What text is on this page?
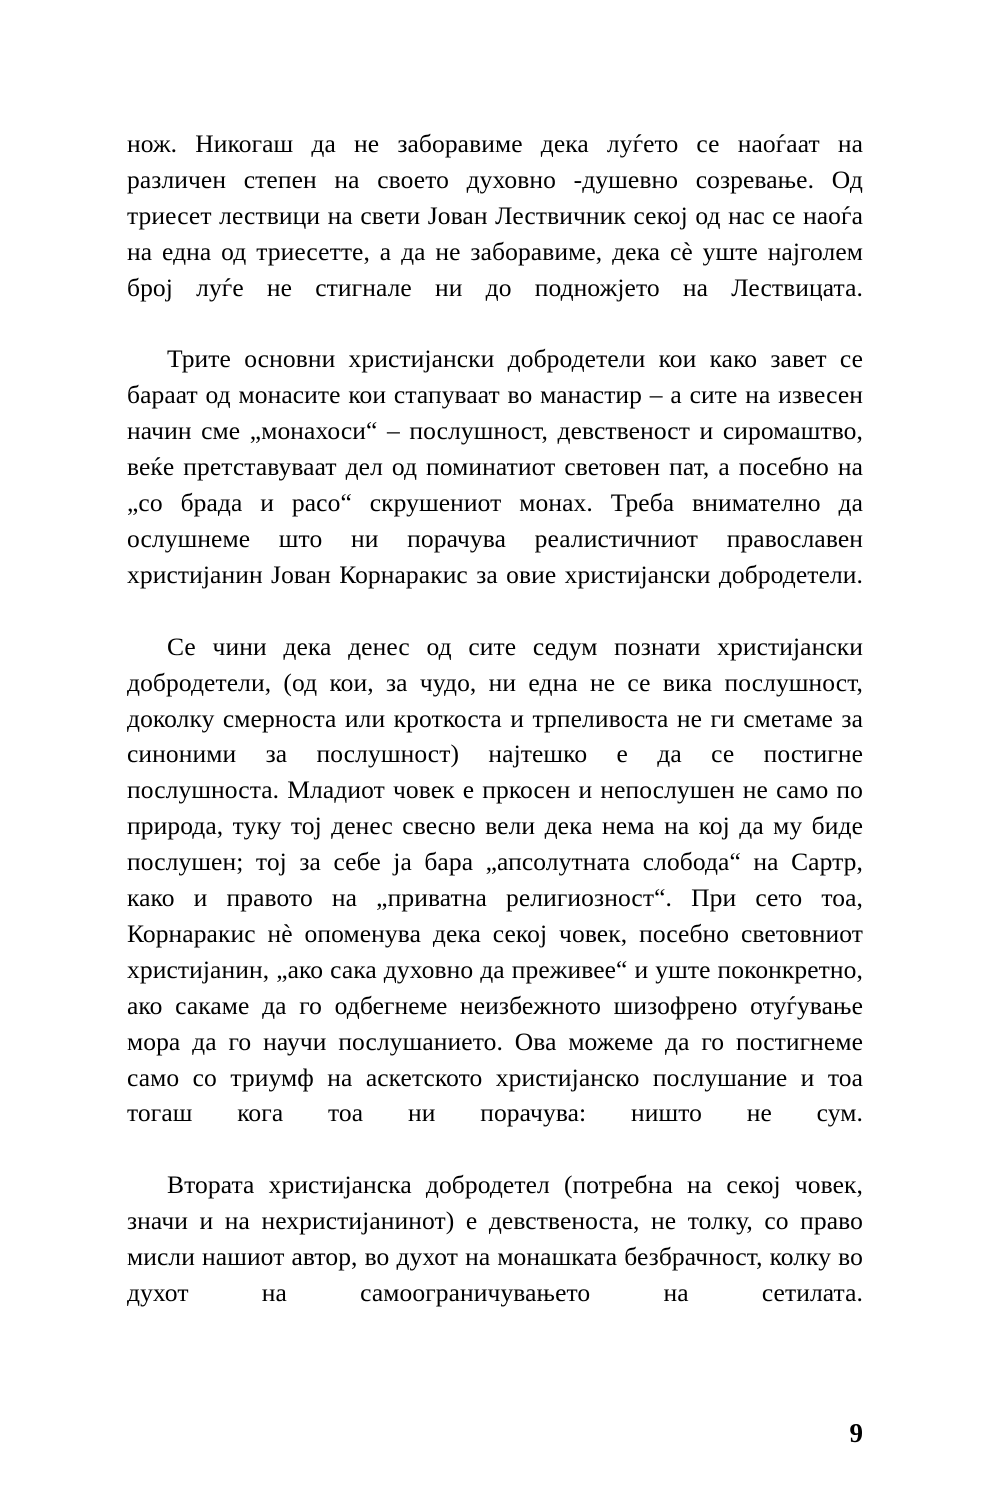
нож. Никогаш да не заборавиме дека луѓето се наоѓаат на различен степен на своето духовно -душевно созревање. Од триесет лествици на свети Јован Лествичник секој од нас се наоѓа на една од триесетте, а да не заборавиме, дека сѐ уште најголем број луѓе не стигнале ни до подножјето на Лествицата.

Трите основни христијански добродетели кои како завет се бараат од монасите кои стапуваат во манастир – а сите на извесен начин сме „монахоси“ – послушност, девственост и сиромаштво, веќе претставуваат дел од поминатиот световен пат, а посебно на „со брада и расо“ скрушениот монах. Треба внимателно да ослушнеме што ни порачува реалистичниот православен христијанин Јован Корнаракис за овие христијански добродетели.

Се чини дека денес од сите седум познати христијански добродетели, (од кои, за чудо, ни една не се вика послушност, доколку смерноста или кроткоста и трпеливоста не ги сметаме за синоними за послушност) најтешко е да се постигне послушноста. Младиот човек е пркосен и непослушен не само по природа, туку тој денес свесно вели дека нема на кој да му биде послушен; тој за себе ја бара „апсолутната слобода“ на Сартр, како и правото на „приватна религиозност“. При сето тоа, Корнаракис нѐ опоменува дека секој човек, посебно световниот христијанин, „ако сака духовно да преживее“ и уште поконкретно, ако сакаме да го одбегнеме неизбежното шизофрено отуѓување мора да го научи послушанието. Ова можеме да го постигнеме само со триумф на аскетското христијанско послушание и тоа тогаш кога тоа ни порачува: ништо не сум.

Втората христијанска добродетел (потребна на секој човек, значи и на нехристијанинот) е девственоста, не толку, со право мисли нашиот автор, во духот на монашката безбрачност, колку во духот на самоограничувањето на сетилата.

9
